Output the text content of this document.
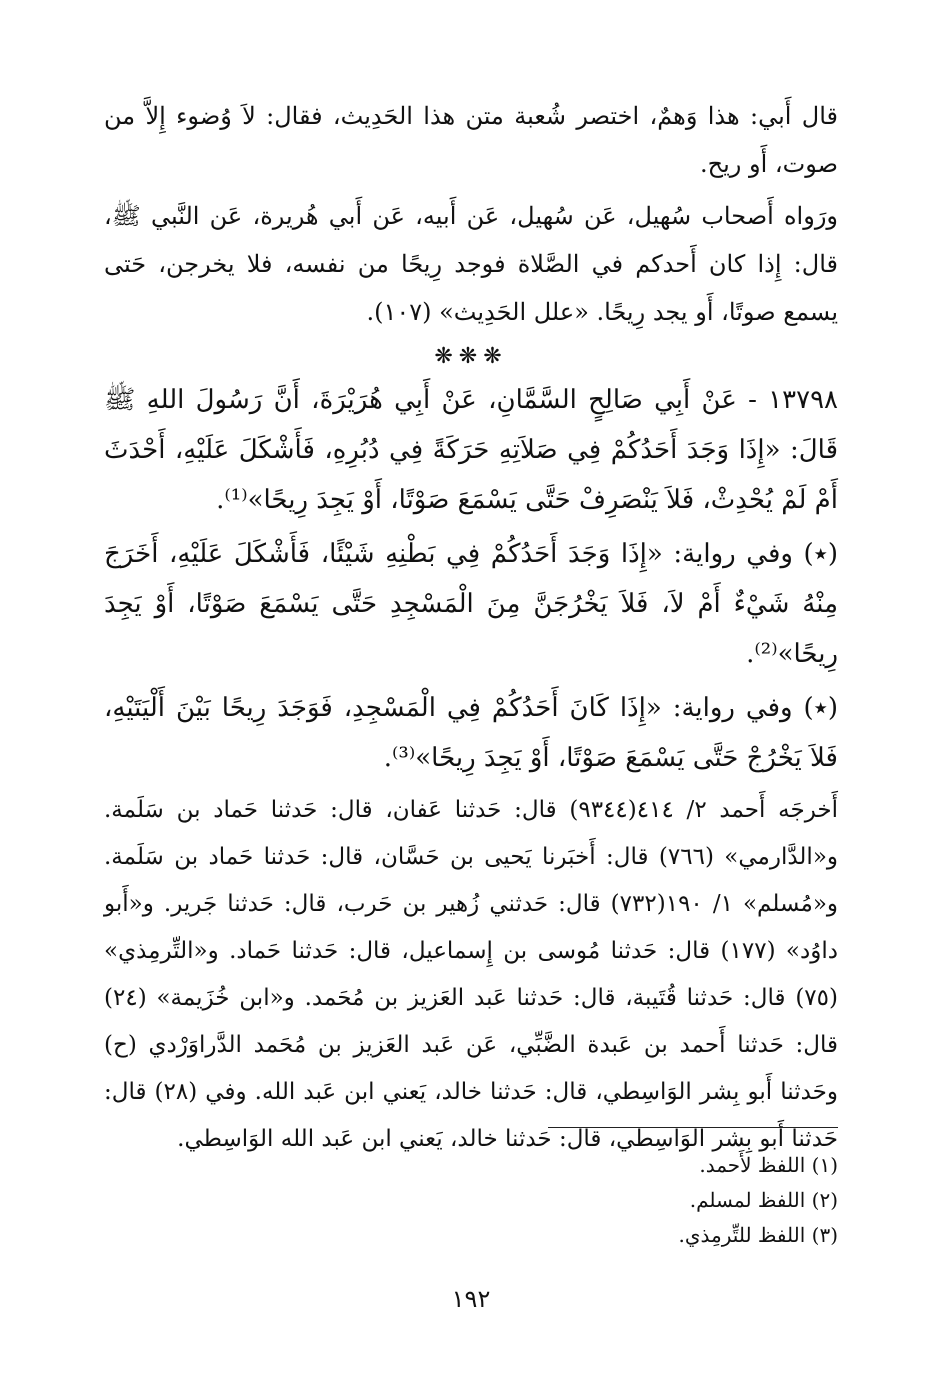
قال أَبي: هذا وَهمٌ، اختصر شُعبة متن هذا الحَدِيث، فقال: لاَ وُضوء إِلاَّ من صوت، أَو ريح.

ورَواه أَصحاب سُهيل، عَن سُهيل، عَن أَبيه، عَن أَبي هُريرة، عَن النَّبي ﷺ، قال: إِذا كان أَحدكم في الصَّلاة فوجد رِيحًا من نفسه، فلا يخرجن، حَتى يسمع صوتًا، أَو يجد رِيحًا. «علل الحَدِيث» (١٠٧).

❋❋❋

١٣٧٩٨ - عَنْ أَبِي صَالِحٍ السَّمَّانِ، عَنْ أَبِي هُرَيْرَةَ، أَنَّ رَسُولَ اللهِ ﷺ قَالَ: «إِذَا وَجَدَ أَحَدُكُمْ فِي صَلاَتِهِ حَرَكَةً فِي دُبُرِهِ، فَأَشْكَلَ عَلَيْهِ، أَحْدَثَ أَمْ لَمْ يُحْدِثْ، فَلاَ يَنْصَرِفْ حَتَّى يَسْمَعَ صَوْتًا، أَوْ يَجِدَ رِيحًا»⁽¹⁾.

(٭) وفي رواية: «إِذَا وَجَدَ أَحَدُكُمْ فِي بَطْنِهِ شَيْئًا، فَأَشْكَلَ عَلَيْهِ، أَخَرَجَ مِنْهُ شَيْءٌ أَمْ لاَ، فَلاَ يَخْرُجَنَّ مِنَ الْمَسْجِدِ حَتَّى يَسْمَعَ صَوْتًا، أَوْ يَجِدَ رِيحًا»⁽²⁾.

(٭) وفي رواية: «إِذَا كَانَ أَحَدُكُمْ فِي الْمَسْجِدِ، فَوَجَدَ رِيحًا بَيْنَ أَلْيَتَيْهِ، فَلاَ يَخْرُجْ حَتَّى يَسْمَعَ صَوْتًا، أَوْ يَجِدَ رِيحًا»⁽³⁾.

أَخرجَه أَحمد ٢/ ٤١٤(٩٣٤٤) قال: حَدثنا عَفان، قال: حَدثنا حَماد بن سَلَمة. و«الدَّارمي» (٧٦٦) قال: أَخبَرنا يَحيى بن حَسَّان، قال: حَدثنا حَماد بن سَلَمة. و«مُسلم» ١/ ١٩٠(٧٣٢) قال: حَدثني زُهير بن حَرب، قال: حَدثنا جَرير. و«أَبو داوُد» (١٧٧) قال: حَدثنا مُوسى بن إِسماعيل، قال: حَدثنا حَماد. و«التِّرمِذي» (٧٥) قال: حَدثنا قُتَيبة، قال: حَدثنا عَبد العَزيز بن مُحَمد. و«ابن خُزَيمة» (٢٤) قال: حَدثنا أَحمد بن عَبدة الضَّبِّي، عَن عَبد العَزيز بن مُحَمد الدَّراوَرْدي (ح) وحَدثنا أَبو بِشر الوَاسِطي، قال: حَدثنا خالد، يَعني ابن عَبد الله. وفي (٢٨) قال: حَدثنا أَبو بِشر الوَاسِطي، قال: حَدثنا خالد، يَعني ابن عَبد الله الوَاسِطي.

(١) اللفظ لأَحمد.
(٢) اللفظ لمسلم.
(٣) اللفظ للتِّرمِذي.
١٩٢
